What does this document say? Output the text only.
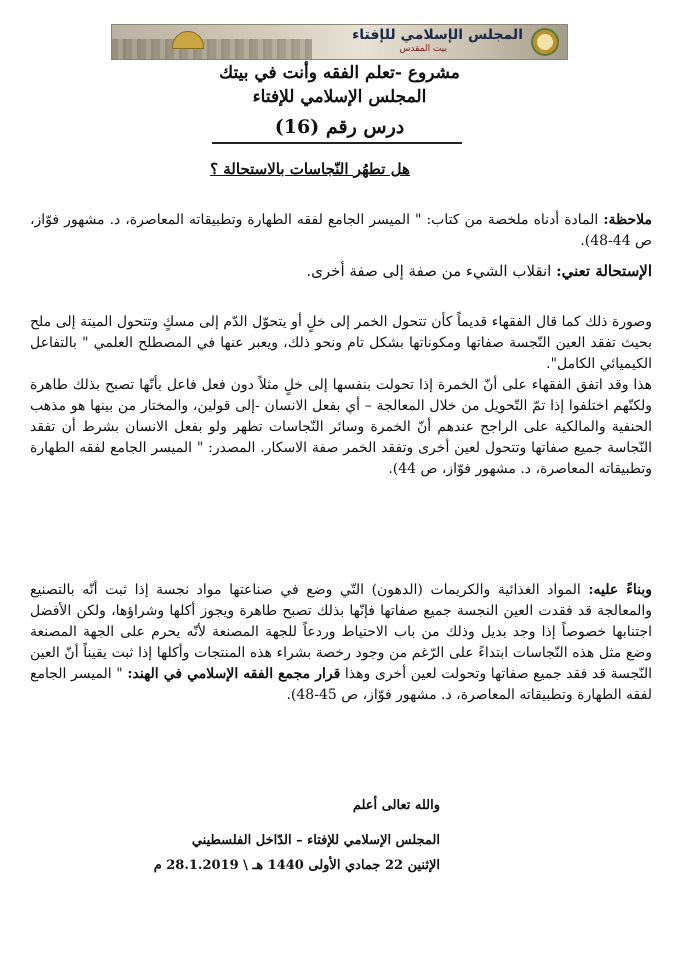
المجلس الإسلامي للإفتاء
بيت المقدس
مشروع -تعلم الفقه وأنت في بيتك
المجلس الإسلامي للإفتاء
درس رقم (16)
هل تطهُر النّجاسات بالاستحالة ؟
ملاحظة: المادة أدناه ملخصة من كتاب: " الميسر الجامع لفقه الطهارة وتطبيقاته المعاصرة، د. مشهور فوّاز، ص 44-48).
الإستحالة تعني: انقلاب الشيء من صفة إلى صفة أخرى.
وصورة ذلك كما قال الفقهاء قديماً كأن تتحول الخمر إلى خلٍ أو يتحوّل الدّم إلى مسكٍ وتتحول الميتة إلى ملح بحيث تفقد العين النّجسة صفاتها ومكوناتها بشكل تام ونحو ذلك، ويعبر عنها في المصطلح العلمي " بالتفاعل الكيميائي الكامل".
هذا وقد اتفق الفقهاء على أنّ الخمرة إذا تحولت بنفسها إلى خلٍ مثلاً دون فعل فاعل بأنّها تصبح بذلك طاهرة ولكنّهم اختلفوا إذا تمّ التّحويل من خلال المعالجة – أي بفعل الانسان -إلى قولين، والمختار من بينها هو مذهب الحنفية والمالكية على الراجح عندهم أنّ الخمرة وسائر النّجاسات تطهر ولو بفعل الانسان بشرط أن تفقد النّجاسة جميع صفاتها وتتحول لعين أخرى وتفقد الخمر صفة الاسكار. المصدر: " الميسر الجامع لفقه الطهارة وتطبيقاته المعاصرة، د. مشهور فوّاز، ص 44).
وبناءً عليه: المواد الغذائية والكريمات (الدهون) التّي وضع في صناعتها مواد نجسة إذا ثبت أنّه بالتصنيع والمعالجة قد فقدت العين النجسة جميع صفاتها فإنّها بذلك تصبح طاهرة ويجوز أكلها وشراؤها، ولكن الأفضل اجتنابها خصوصاً إذا وجد بديل وذلك من باب الاحتياط وردعاً للجهة المصنعة لأنّه يحرم على الجهة المصنعة وضع مثل هذه النّجاسات ابتداءً على الرّغم من وجود رخصة بشراء هذه المنتجات وأكلها إذا ثبت يقيناً أنّ العين النّجسة قد فقد جميع صفاتها وتحولت لعين أخرى وهذا قرار مجمع الفقه الإسلامي في الهند: " الميسر الجامع لفقه الطهارة وتطبيقاته المعاصرة، د. مشهور فوّاز، ص 45-48).
والله تعالى أعلم
المجلس الإسلامي للإفتاء – الدّاخل الفلسطيني
الإثنين 22 جمادي الأولى 1440 هـ \ 28.1.2019 م
